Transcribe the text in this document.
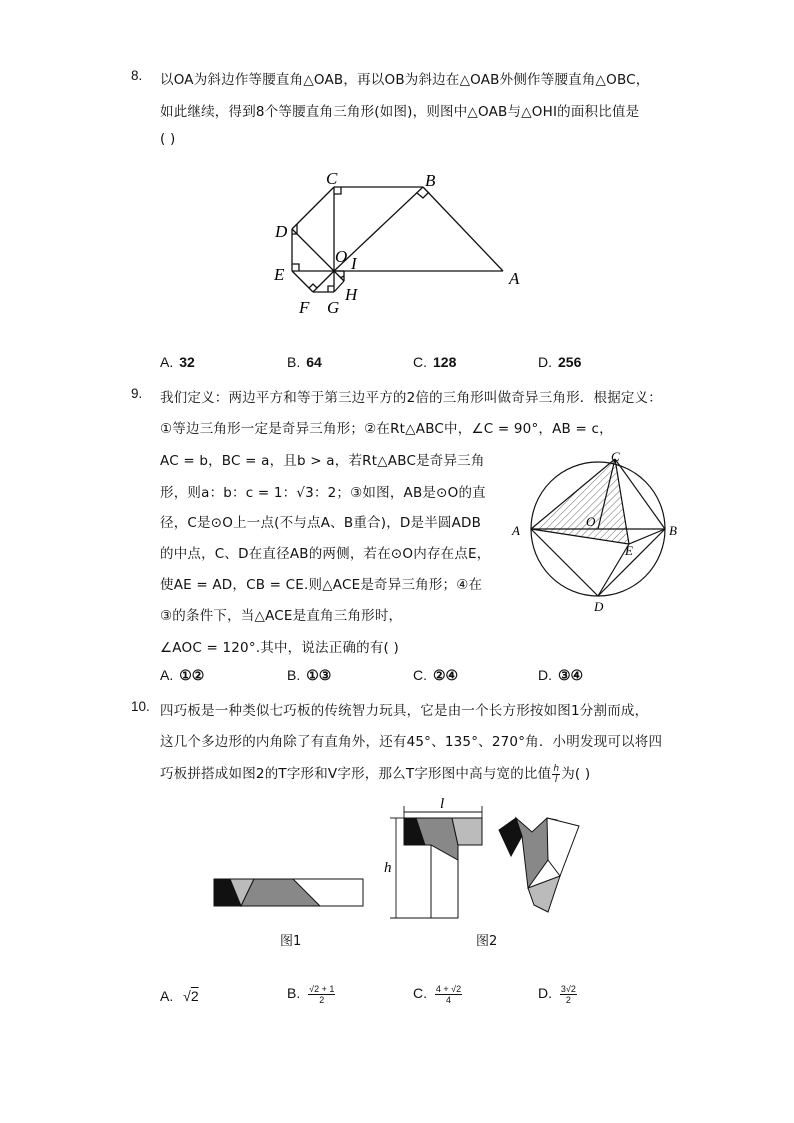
8. 以OA为斜边作等腰直角△OAB，再以OB为斜边在△OAB外侧作等腰直角△OBC，
如此继续，得到8个等腰直角三角形(如图)，则图中△OAB与△OHI的面积比值是
( )
C	B
D
O I
A
E
F G
H
A. 32	B. 64	C. 128	D. 256
9. 我们定义：两边平方和等于第三边平方的2倍的三角形叫做奇异三角形．根据定义：
①等边三角形一定是奇异三角形；②在Rt△ABC中，∠C = 90°，AB = c，
AC = b，BC = a，且b > a，若Rt△ABC是奇异三角
形，则a：b：c = 1：√3：2；③如图，AB是⊙O的直
径，C是⊙O上一点(不与点A、B重合)，D是半圆ADB
的中点，C、D在直径AB的两侧，若在⊙O内存在点E，
使AE = AD，CB = CE.则△ACE是奇异三角形；④在
③的条件下，当△ACE是直角三角形时，
∠AOC = 120°.其中，说法正确的有( )
C
A	B
O
E
D
A. ①②	B. ①③	C. ②④	D. ③④
10. 四巧板是一种类似七巧板的传统智力玩具，它是由一个长方形按如图1分割而成，
这几个多边形的内角除了有直角外，还有45°、135°、270°角．小明发现可以将四
巧板拼搭成如图2的T字形和V字形，那么T字形图中高与宽的比值 $\frac{h}{l}$ 为( )
l
h
图1	图2
A. √2	B. $\frac{√2 + 1}{2}$	C. $\frac{4 + √2}{4}$	D. $\frac{3√2}{2}$
